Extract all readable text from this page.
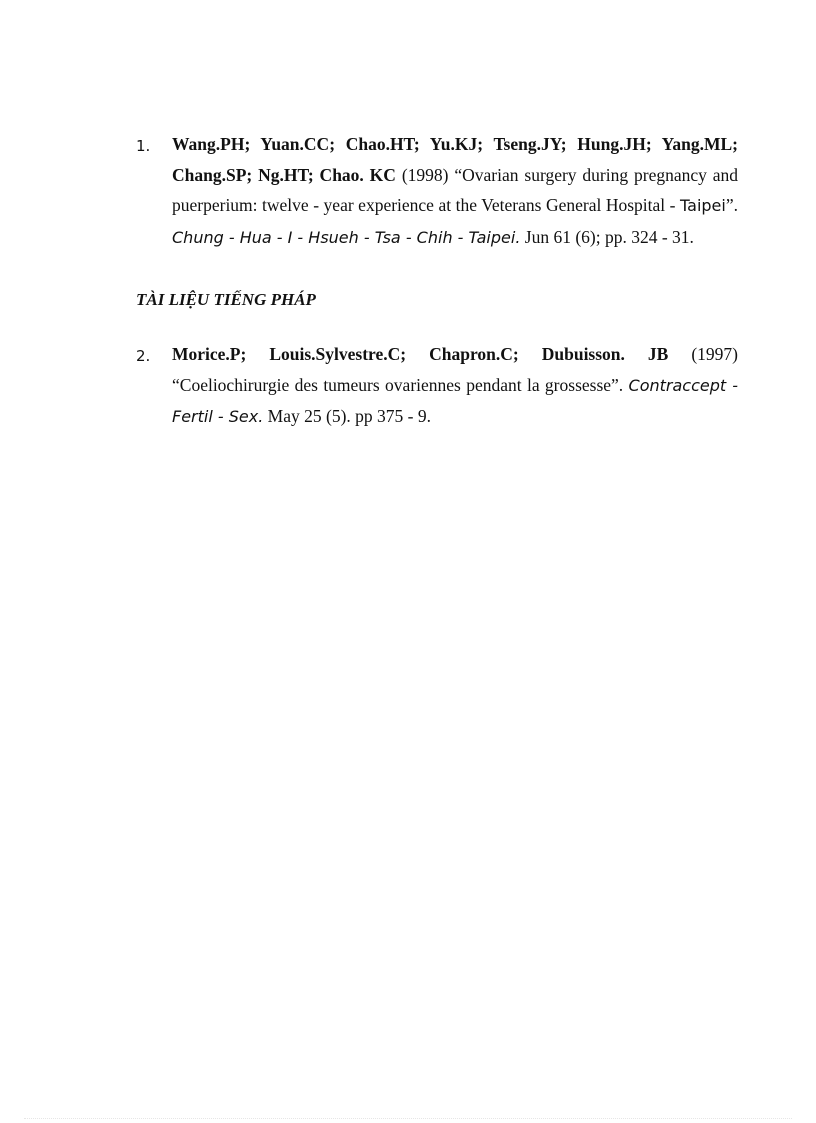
1.	Wang.PH; Yuan.CC; Chao.HT; Yu.KJ; Tseng.JY; Hung.JH; Yang.ML; Chang.SP; Ng.HT; Chao. KC (1998) “Ovarian surgery during pregnancy and puerperium: twelve - year experience at the Veterans General Hospital - Taipei”. Chung - Hua - I - Hsueh - Tsa - Chih - Taipei. Jun 61 (6); pp. 324 - 31.
TÀI LIỆU TIẾNG PHÁP
2.	Morice.P; Louis.Sylvestre.C; Chapron.C; Dubuisson. JB (1997) “Coeliochirurgie des tumeurs ovariennes pendant la grossesse”. Contraccept - Fertil - Sex. May 25 (5). pp 375 - 9.
